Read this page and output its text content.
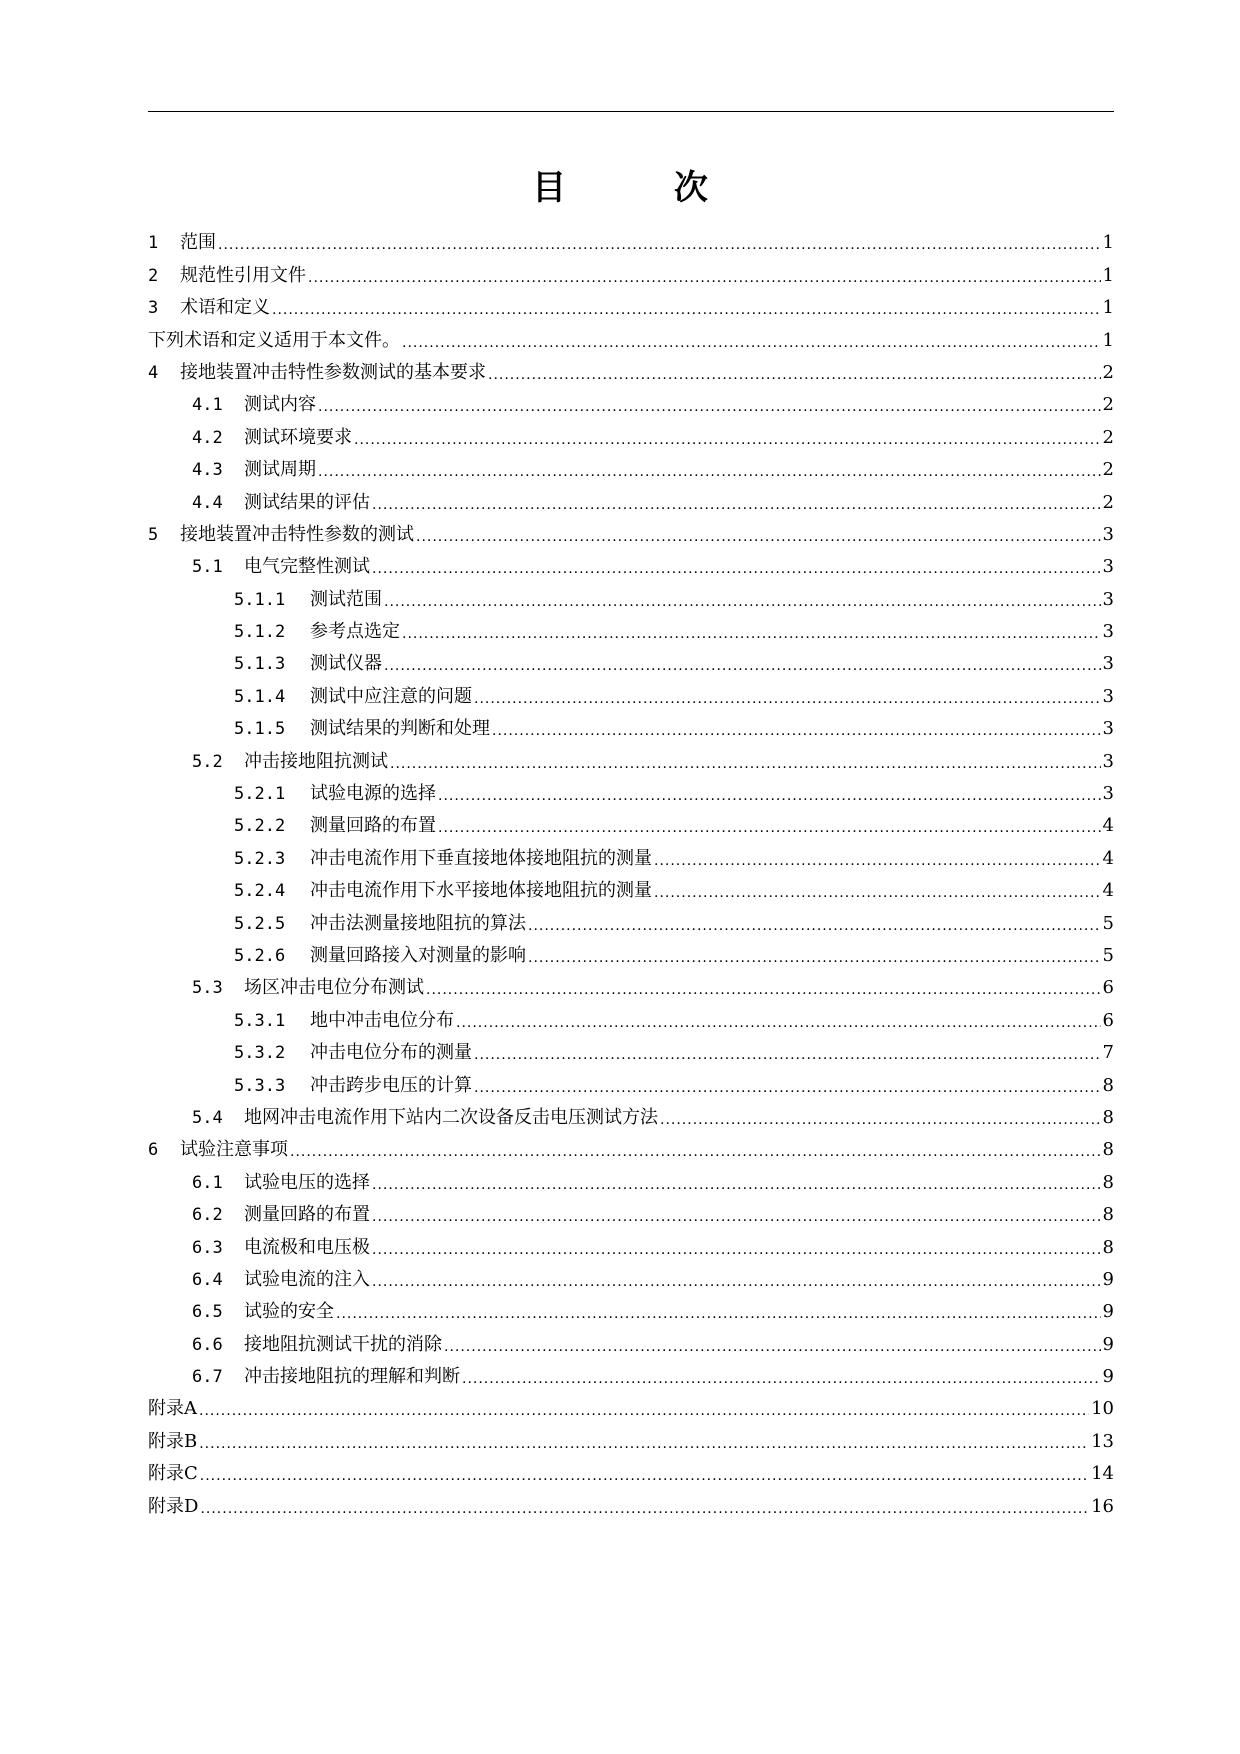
目 次
1	范围 .....	1
2	规范性引用文件 .....	1
3	术语和定义 .....	1
下列术语和定义适用于本文件。 .....	1
4	接地装置冲击特性参数测试的基本要求 .....	2
4.1	测试内容 .....	2
4.2	测试环境要求 .....	2
4.3	测试周期 .....	2
4.4	测试结果的评估 .....	2
5	接地装置冲击特性参数的测试 .....	3
5.1	电气完整性测试 .....	3
5.1.1	测试范围 .....	3
5.1.2	参考点选定 .....	3
5.1.3	测试仪器 .....	3
5.1.4	测试中应注意的问题 .....	3
5.1.5	测试结果的判断和处理 .....	3
5.2	冲击接地阻抗测试 .....	3
5.2.1	试验电源的选择 .....	3
5.2.2	测量回路的布置 .....	4
5.2.3	冲击电流作用下垂直接地体接地阻抗的测量 .....	4
5.2.4	冲击电流作用下水平接地体接地阻抗的测量 .....	4
5.2.5	冲击法测量接地阻抗的算法 .....	5
5.2.6	测量回路接入对测量的影响 .....	5
5.3	场区冲击电位分布测试 .....	6
5.3.1	地中冲击电位分布 .....	6
5.3.2	冲击电位分布的测量 .....	7
5.3.3	冲击跨步电压的计算 .....	8
5.4	地网冲击电流作用下站内二次设备反击电压测试方法 .....	8
6	试验注意事项 .....	8
6.1	试验电压的选择 .....	8
6.2	测量回路的布置 .....	8
6.3	电流极和电压极 .....	8
6.4	试验电流的注入 .....	9
6.5	试验的安全 .....	9
6.6	接地阻抗测试干扰的消除 .....	9
6.7	冲击接地阻抗的理解和判断 .....	9
附录A .....	10
附录B .....	13
附录C .....	14
附录D .....	16
